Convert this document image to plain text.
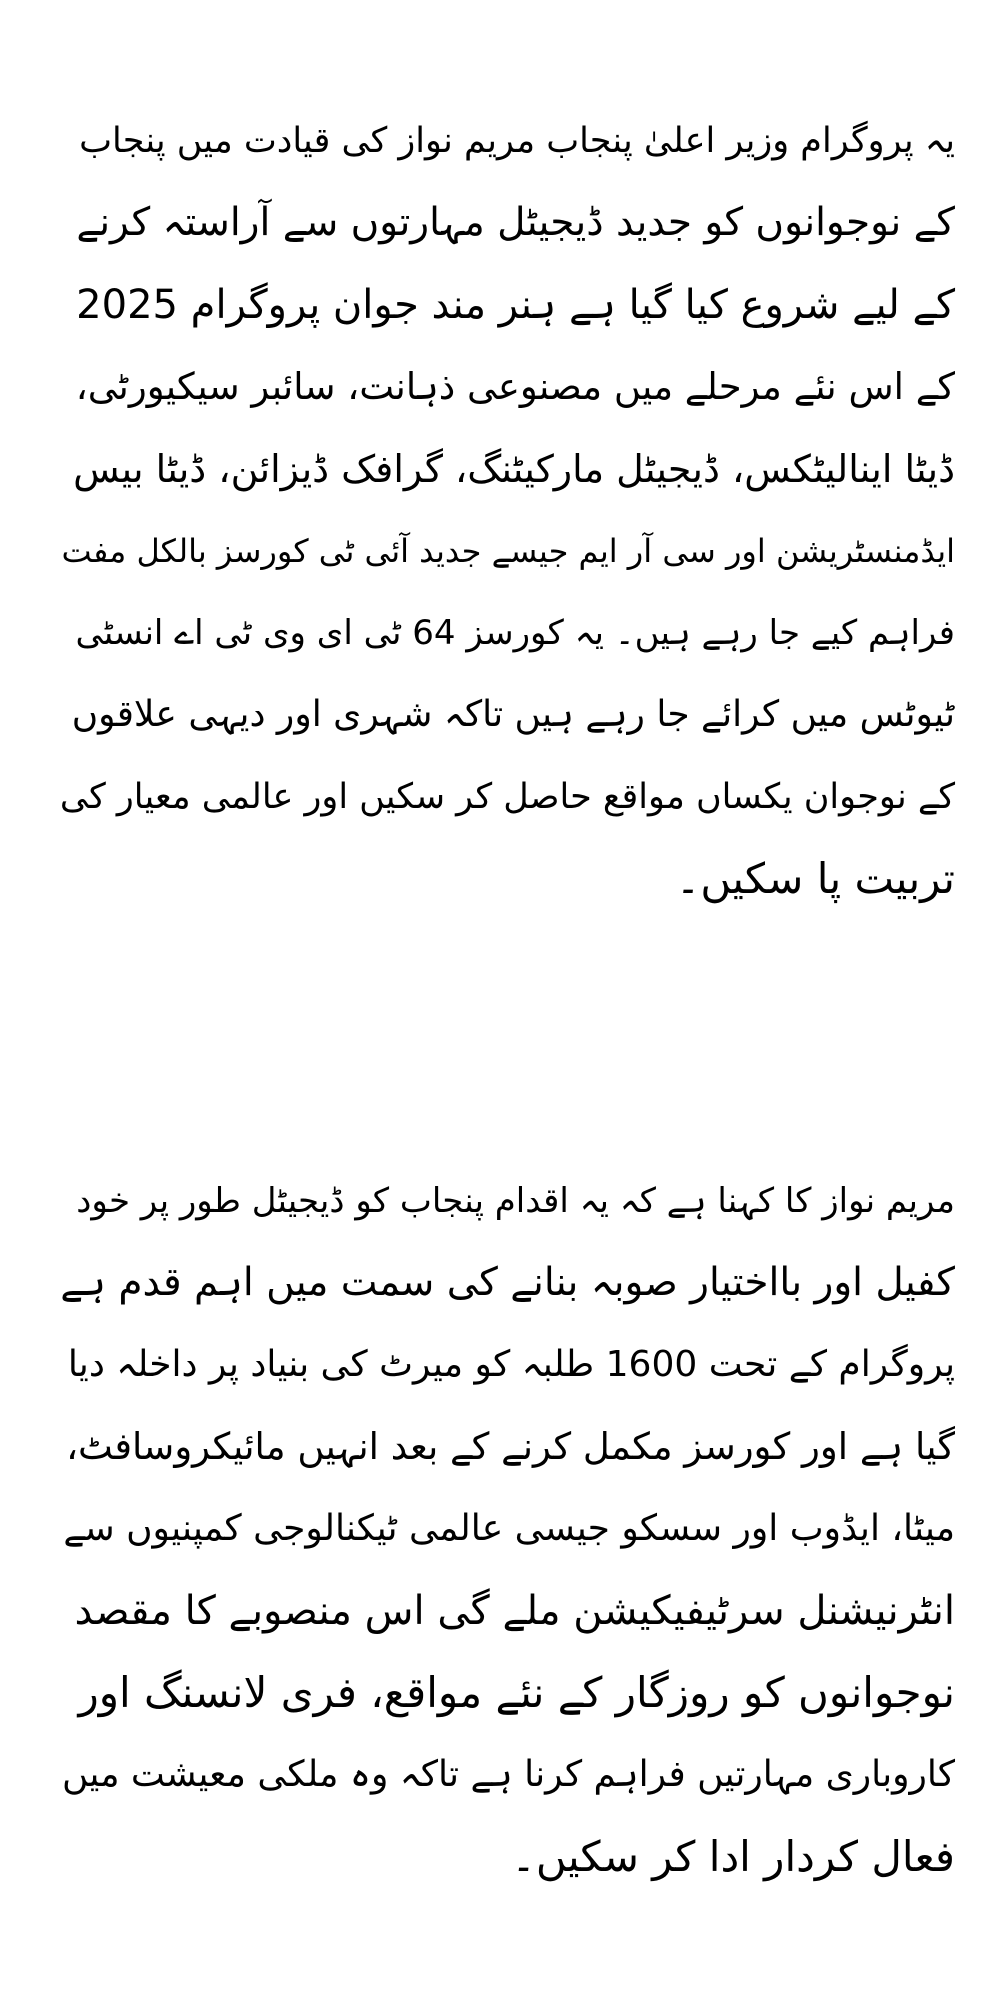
یہ پروگرام وزیر اعلیٰ پنجاب مریم نواز کی قیادت میں پنجاب
کے نوجوانوں کو جدید ڈیجیٹل مہارتوں سے آراستہ کرنے
کے لیے شروع کیا گیا ہے ہنر مند جوان پروگرام 2025
کے اس نئے مرحلے میں مصنوعی ذہانت، سائبر سیکیورٹی،
ڈیٹا اینالیٹکس، ڈیجیٹل مارکیٹنگ، گرافک ڈیزائن، ڈیٹا بیس
ایڈمنسٹریشن اور سی آر ایم جیسے جدید آئی ٹی کورسز بالکل مفت
فراہم کیے جا رہے ہیں۔ یہ کورسز 64 ٹی ای وی ٹی اے انسٹی
ٹیوٹس میں کرائے جا رہے ہیں تاکہ شہری اور دیہی علاقوں
کے نوجوان یکساں مواقع حاصل کر سکیں اور عالمی معیار کی
تربیت پا سکیں۔
مریم نواز کا کہنا ہے کہ یہ اقدام پنجاب کو ڈیجیٹل طور پر خود
کفیل اور بااختیار صوبہ بنانے کی سمت میں اہم قدم ہے
پروگرام کے تحت 1600 طلبہ کو میرٹ کی بنیاد پر داخلہ دیا
گیا ہے اور کورسز مکمل کرنے کے بعد انہیں مائیکروسافٹ،
میٹا، ایڈوب اور سسکو جیسی عالمی ٹیکنالوجی کمپنیوں سے
انٹرنیشنل سرٹیفیکیشن ملے گی اس منصوبے کا مقصد
نوجوانوں کو روزگار کے نئے مواقع، فری لانسنگ اور
کاروباری مہارتیں فراہم کرنا ہے تاکہ وہ ملکی معیشت میں
فعال کردار ادا کر سکیں۔
